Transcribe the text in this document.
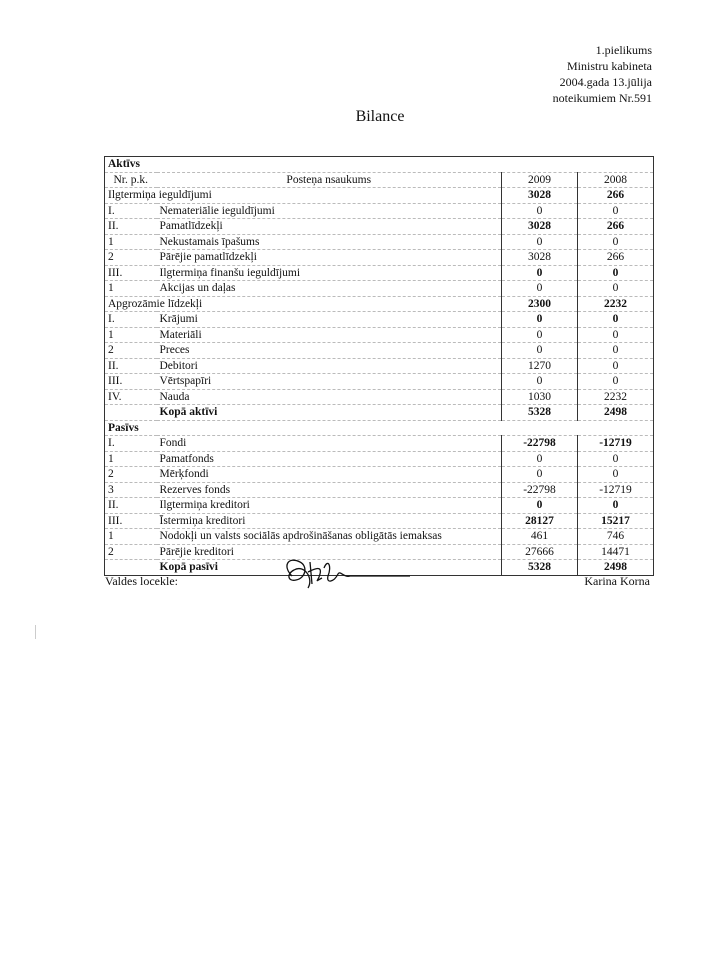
1.pielikums
Ministru kabineta
2004.gada 13.jūlija
noteikumiem Nr.591
Bilance
Aktīvs			
Nr. p.k.	Posteņa nsaukums	2009	2008
Ilgtermiņa ieguldījumi		3028	266
I.	Nemateriālie ieguldījumi	0	0
II.	Pamatlīdzekļi	3028	266
1	Nekustamais īpašums	0	0
2	Pārējie pamatlīdzekļi	3028	266
III.	Ilgtermiņa finanšu ieguldījumi	0	0
1	Akcijas un daļas	0	0
Apgrozāmie līdzekļi		2300	2232
I.	Krājumi	0	0
1	Materiāli	0	0
2	Preces	0	0
II.	Debitori	1270	0
III.	Vērtspapīri	0	0
IV.	Nauda	1030	2232
	Kopā aktīvi	5328	2498
Pasīvs			
I.	Fondi	-22798	-12719
1	Pamatfonds	0	0
2	Mērķfondi	0	0
3	Rezerves fonds	-22798	-12719
II.	Ilgtermiņa kreditori	0	0
III.	Īstermiņa kreditori	28127	15217
1	Nodokļi un valsts sociālās apdrošināšanas obligātās iemaksas	461	746
2	Pārējie kreditori	27666	14471
	Kopā pasīvi	5328	2498
Valdes locekle:	Karina Korna
